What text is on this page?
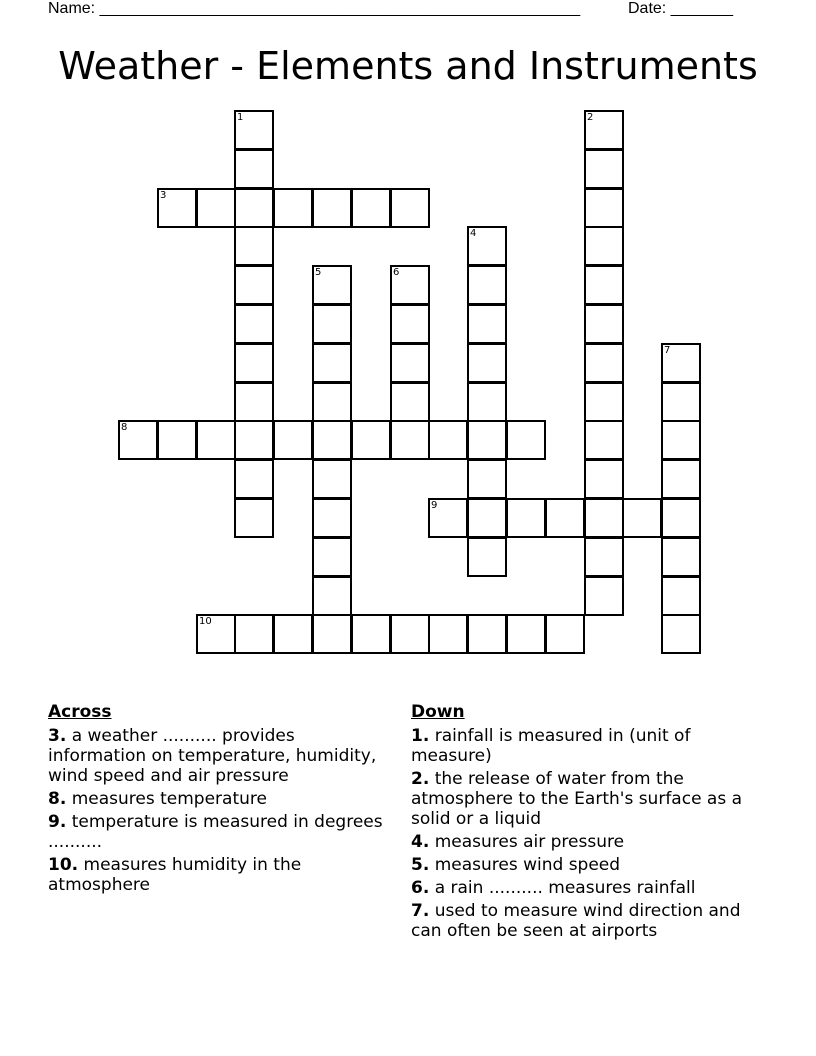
Name: ______________________________________________________	Date: _______
Weather - Elements and Instruments
1	2
3
4
5	6
7
8
9
10
Across
3. a weather .......... provides information on temperature, humidity, wind speed and air pressure
8. measures temperature
9. temperature is measured in degrees ..........
10. measures humidity in the atmosphere
Down
1. rainfall is measured in (unit of measure)
2. the release of water from the atmosphere to the Earth's surface as a solid or a liquid
4. measures air pressure
5. measures wind speed
6. a rain .......... measures rainfall
7. used to measure wind direction and can often be seen at airports
